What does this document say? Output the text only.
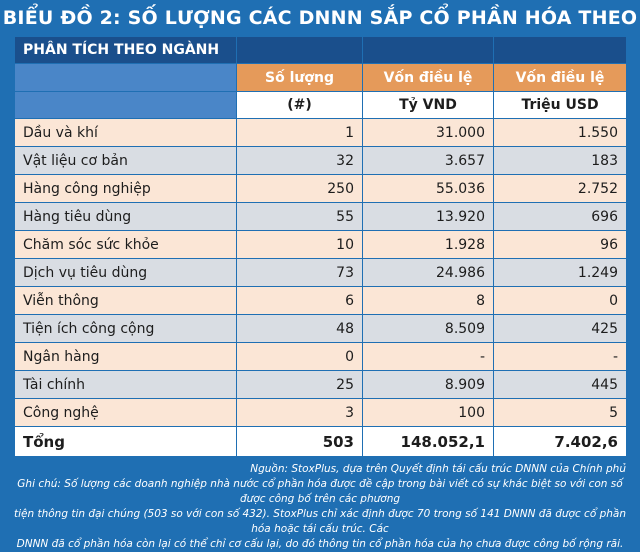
BIỂU ĐỒ 2: SỐ LƯỢNG CÁC DNNN SẮP CỔ PHẦN HÓA THEO
PHÂN TÍCH THEO NGÀNH			
	Số lượng	Vốn điều lệ	Vốn điều lệ
	(#)	Tỷ VND	Triệu USD
Dầu và khí	1	31.000	1.550
Vật liệu cơ bản	32	3.657	183
Hàng công nghiệp	250	55.036	2.752
Hàng tiêu dùng	55	13.920	696
Chăm sóc sức khỏe	10	1.928	96
Dịch vụ tiêu dùng	73	24.986	1.249
Viễn thông	6	8	0
Tiện ích công cộng	48	8.509	425
Ngân hàng	0	-	-
Tài chính	25	8.909	445
Công nghệ	3	100	5
Tổng	503	148.052,1	7.402,6
Nguồn: StoxPlus, dựa trên Quyết định tái cấu trúc DNNN của Chính phủ
Ghi chú: Số lượng các doanh nghiệp nhà nước cổ phần hóa được đề cập trong bài viết có sự khác biệt so với con số được công bố trên các phương
tiện thông tin đại chúng (503 so với con số 432). StoxPlus chỉ xác định được 70 trong số 141 DNNN đã được cổ phần hóa hoặc tái cấu trúc. Các
DNNN đã cổ phần hóa còn lại có thể chỉ cơ cấu lại, do đó thông tin cổ phần hóa của họ chưa được công bố rộng rãi.
